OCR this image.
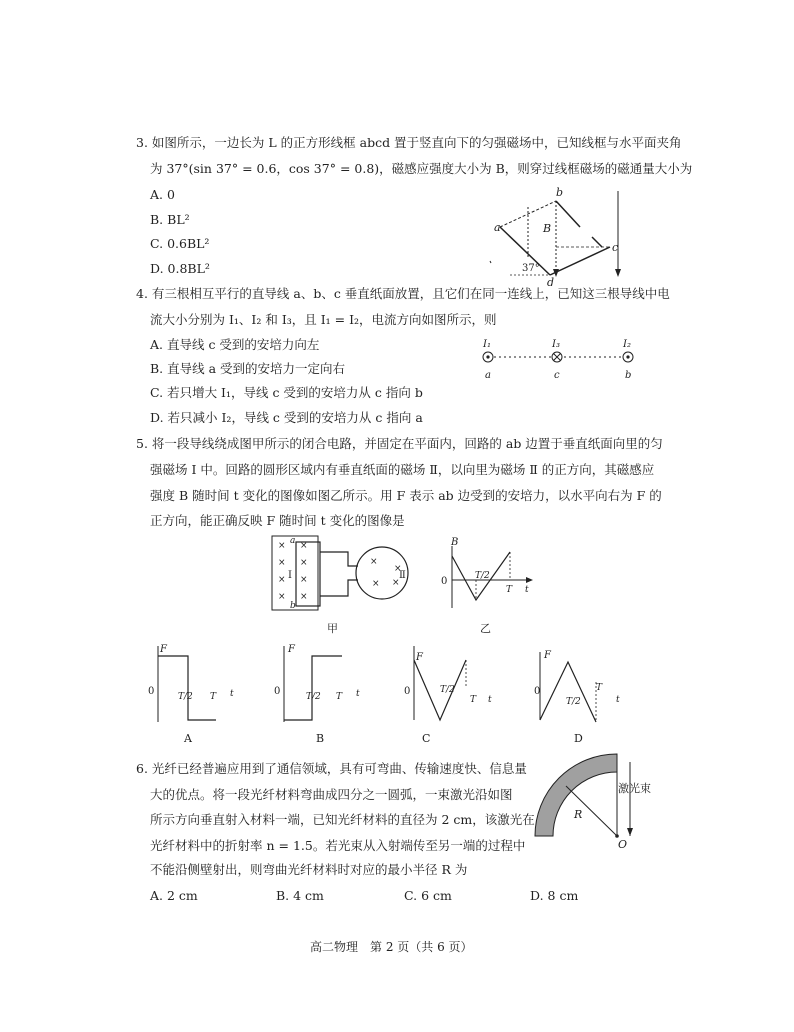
3. 如图所示，一边长为 L 的正方形线框 abcd 置于竖直向下的匀强磁场中，已知线框与水平面夹角
为 37°(sin 37° = 0.6，cos 37° = 0.8)，磁感应强度大小为 B，则穿过线框磁场的磁通量大小为
A. 0
B. BL²
C. 0.6BL²
D. 0.8BL²
a
b
c
d
B
37°
4. 有三根相互平行的直导线 a、b、c 垂直纸面放置，且它们在同一连线上，已知这三根导线中电
流大小分别为 I₁、I₂ 和 I₃，且 I₁ = I₂，电流方向如图所示，则
A. 直导线 c 受到的安培力向左
B. 直导线 a 受到的安培力一定向右
C. 若只增大 I₁，导线 c 受到的安培力从 c 指向 b
D. 若只减小 I₂，导线 c 受到的安培力从 c 指向 a
I₁	I₃	I₂
a	c	b
5. 将一段导线绕成图甲所示的闭合电路，并固定在平面内，回路的 ab 边置于垂直纸面向里的匀
强磁场 Ⅰ 中。回路的圆形区域内有垂直纸面的磁场 Ⅱ，以向里为磁场 Ⅱ 的正方向，其磁感应
强度 B 随时间 t 变化的图像如图乙所示。用 F 表示 ab 边受到的安培力，以水平向右为 F 的
正方向，能正确反映 F 随时间 t 变化的图像是
× ×
× ×
× ×
× ×
×
×
×
×
a
b
Ⅰ	Ⅱ
甲
B
0	T/2
T t
乙
F
0	T/2 T t
A
F
0	T/2 T t
B
F
0	T/2
T t
C
F
0
T/2
T
t
D
6. 光纤已经普遍应用到了通信领域，具有可弯曲、传输速度快、信息量
大的优点。将一段光纤材料弯曲成四分之一圆弧，一束激光沿如图
所示方向垂直射入材料一端，已知光纤材料的直径为 2 cm，该激光在
光纤材料中的折射率 n = 1.5。若光束从入射端传至另一端的过程中
不能沿侧壁射出，则弯曲光纤材料时对应的最小半径 R 为
A. 2 cm	B. 4 cm	C. 6 cm	D. 8 cm
激光束
R
O
高二物理　第 2 页（共 6 页）
